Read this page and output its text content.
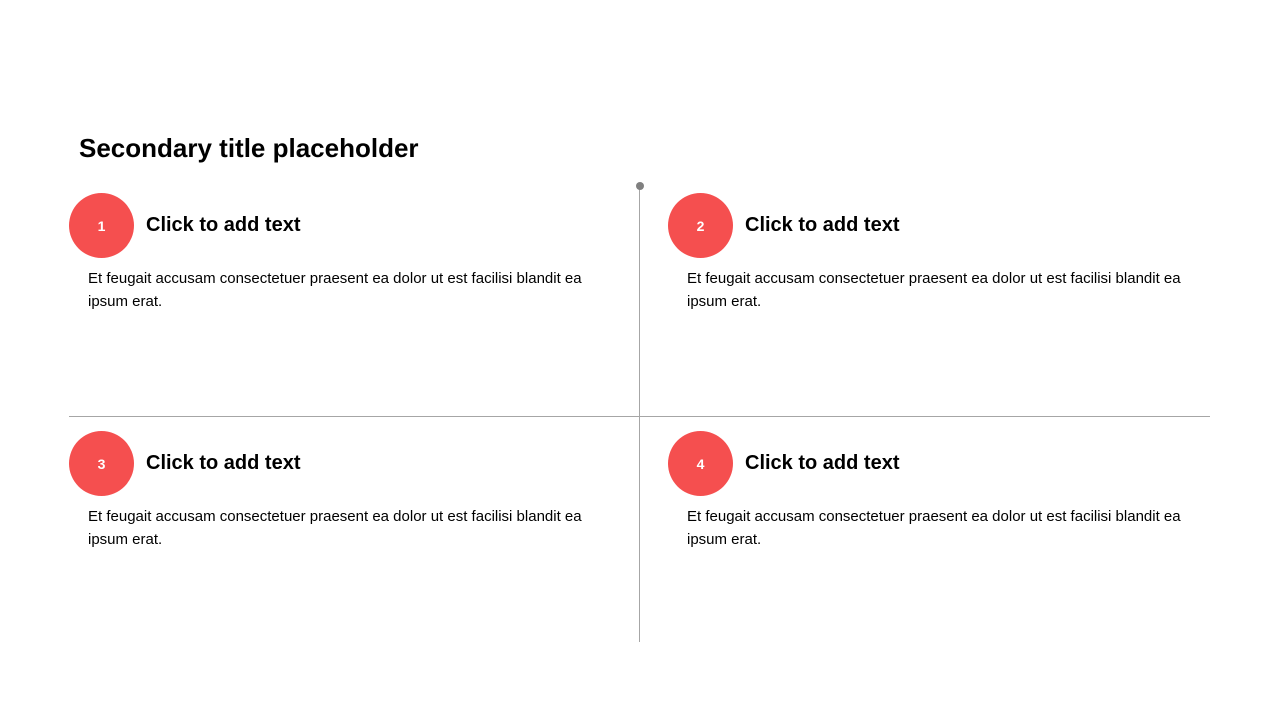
Secondary title placeholder
1	Click to add text
Et feugait accusam consectetuer praesent ea dolor ut est facilisi blandit ea ipsum erat.
2	Click to add text
Et feugait accusam consectetuer praesent ea dolor ut est facilisi blandit ea ipsum erat.
3	Click to add text
Et feugait accusam consectetuer praesent ea dolor ut est facilisi blandit ea ipsum erat.
4	Click to add text
Et feugait accusam consectetuer praesent ea dolor ut est facilisi blandit ea ipsum erat.
